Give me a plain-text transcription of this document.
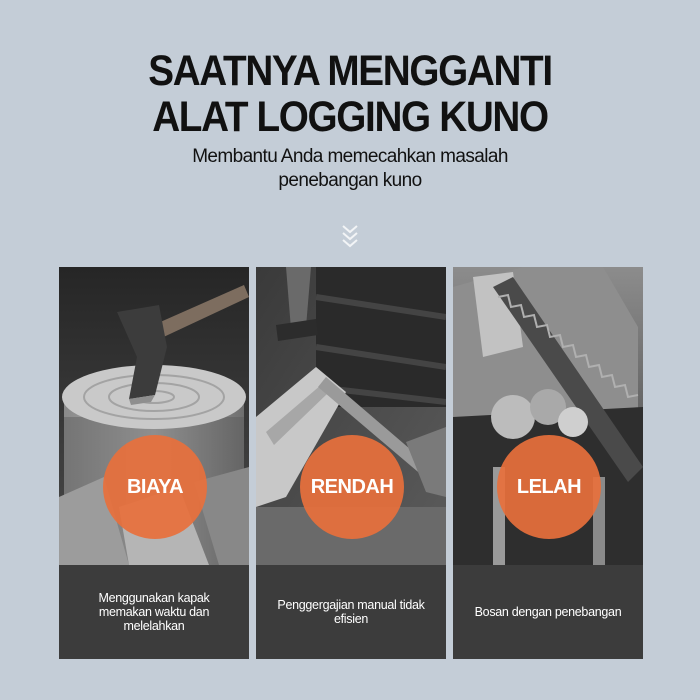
SAATNYA MENGGANTI
ALAT LOGGING KUNO
Membantu Anda memecahkan masalah
penebangan kuno
BIAYA
Menggunakan kapak memakan waktu dan melelahkan
RENDAH
Penggergajian manual tidak efisien
LELAH
Bosan dengan penebangan
